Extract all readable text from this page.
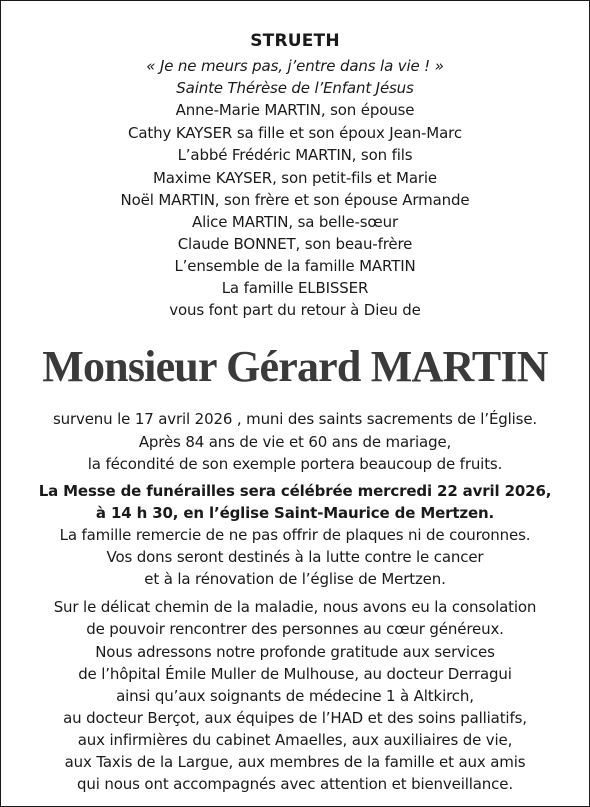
STRUETH
« Je ne meurs pas, j’entre dans la vie ! »
Sainte Thérèse de l’Enfant Jésus
Anne-Marie MARTIN, son épouse
Cathy KAYSER sa fille et son époux Jean-Marc
L’abbé Frédéric MARTIN, son fils
Maxime KAYSER, son petit-fils et Marie
Noël MARTIN, son frère et son épouse Armande
Alice MARTIN, sa belle-sœur
Claude BONNET, son beau-frère
L’ensemble de la famille MARTIN
La famille ELBISSER
vous font part du retour à Dieu de
Monsieur Gérard MARTIN
survenu le 17 avril 2026 , muni des saints sacrements de l’Église.
Après 84 ans de vie et 60 ans de mariage,
la fécondité de son exemple portera beaucoup de fruits.
La Messe de funérailles sera célébrée mercredi 22 avril 2026,
à 14 h 30, en l’église Saint-Maurice de Mertzen.
La famille remercie de ne pas offrir de plaques ni de couronnes.
Vos dons seront destinés à la lutte contre le cancer
et à la rénovation de l’église de Mertzen.
Sur le délicat chemin de la maladie, nous avons eu la consolation
de pouvoir rencontrer des personnes au cœur généreux.
Nous adressons notre profonde gratitude aux services
de l’hôpital Émile Muller de Mulhouse, au docteur Derragui
ainsi qu’aux soignants de médecine 1 à Altkirch,
au docteur Berçot, aux équipes de l’HAD et des soins palliatifs,
aux infirmières du cabinet Amaelles, aux auxiliaires de vie,
aux Taxis de la Largue, aux membres de la famille et aux amis
qui nous ont accompagnés avec attention et bienveillance.
